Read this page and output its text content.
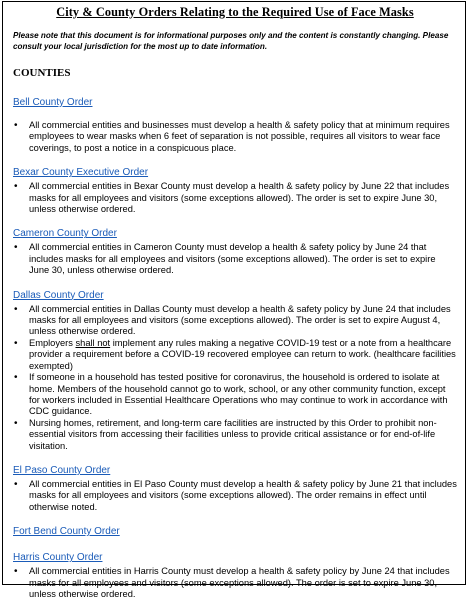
City & County Orders Relating to the Required Use of Face Masks
Please note that this document is for informational purposes only and the content is constantly changing. Please consult your local jurisdiction for the most up to date information.
COUNTIES
Bell County Order
• All commercial entities and businesses must develop a health & safety policy that at minimum requires employees to wear masks when 6 feet of separation is not possible, requires all visitors to wear face coverings, to post a notice in a conspicuous place.
Bexar County Executive Order
• All commercial entities in Bexar County must develop a health & safety policy by June 22 that includes masks for all employees and visitors (some exceptions allowed). The order is set to expire June 30, unless otherwise ordered.
Cameron County Order
• All commercial entities in Cameron County must develop a health & safety policy by June 24 that includes masks for all employees and visitors (some exceptions allowed). The order is set to expire June 30, unless otherwise ordered.
Dallas County Order
• All commercial entities in Dallas County must develop a health & safety policy by June 24 that includes masks for all employees and visitors (some exceptions allowed). The order is set to expire August 4, unless otherwise ordered.
• Employers shall not implement any rules making a negative COVID-19 test or a note from a healthcare provider a requirement before a COVID-19 recovered employee can return to work. (healthcare facilities exempted)
• If someone in a household has tested positive for coronavirus, the household is ordered to isolate at home. Members of the household cannot go to work, school, or any other community function, except for workers included in Essential Healthcare Operations who may continue to work in accordance with CDC guidance.
• Nursing homes, retirement, and long-term care facilities are instructed by this Order to prohibit non-essential visitors from accessing their facilities unless to provide critical assistance or for end-of-life visitation.
El Paso County Order
• All commercial entities in El Paso County must develop a health & safety policy by June 21 that includes masks for all employees and visitors (some exceptions allowed). The order remains in effect until otherwise noted.
Fort Bend County Order
Harris County Order
• All commercial entities in Harris County must develop a health & safety policy by June 24 that includes masks for all employees and visitors (some exceptions allowed). The order is set to expire June 30, unless otherwise ordered.
